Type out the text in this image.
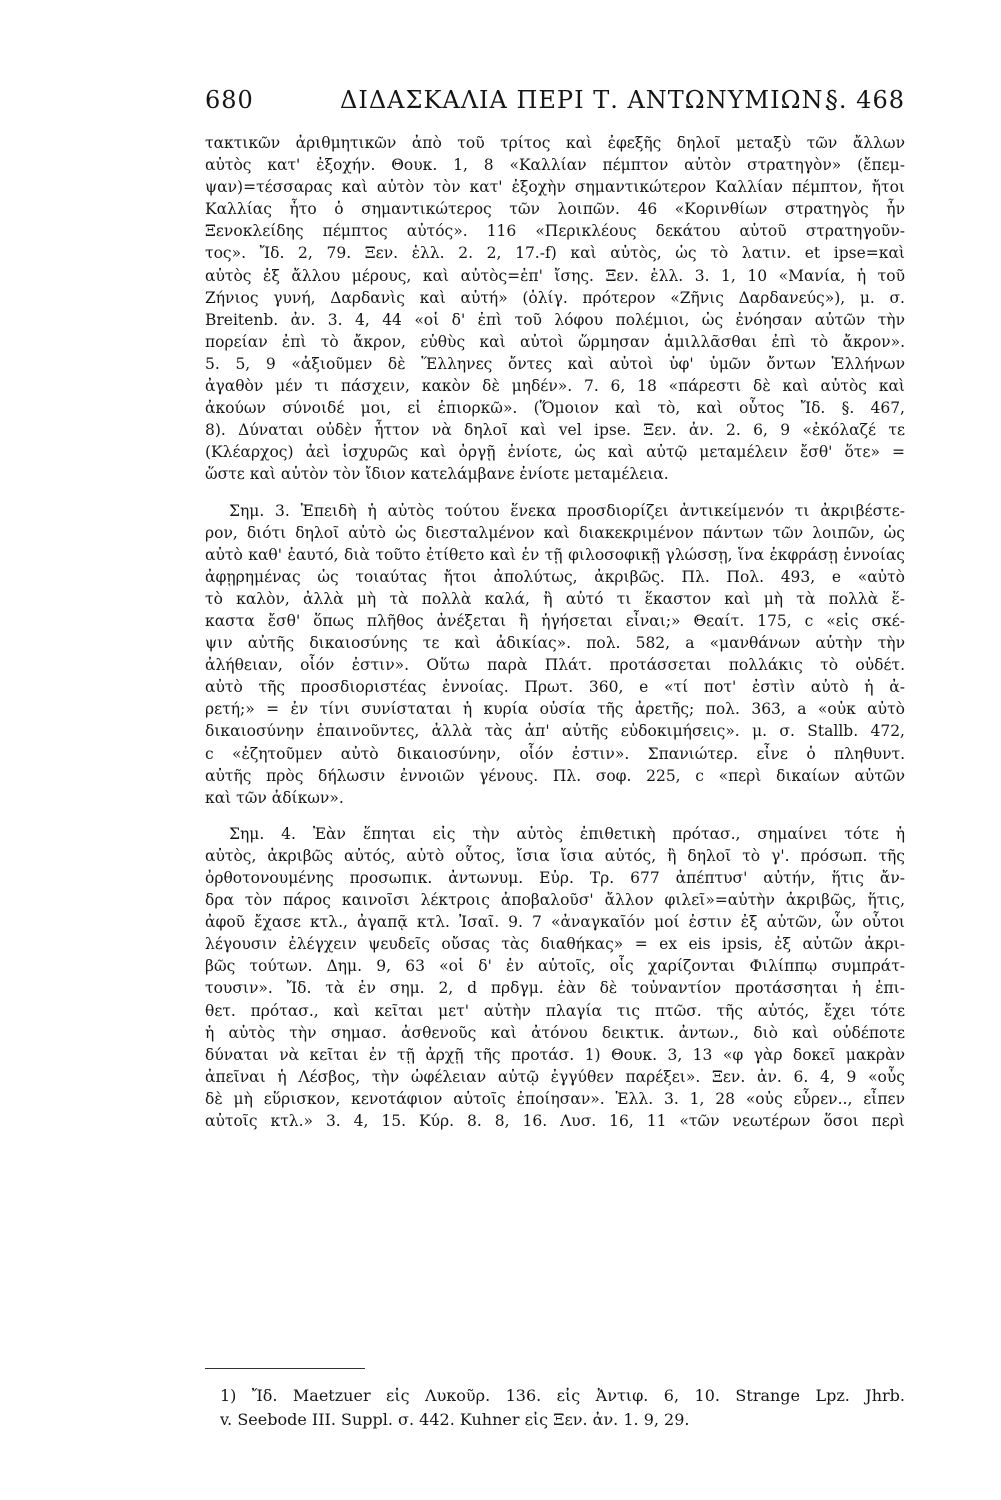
680	ΔΙΔΑΣΚΑΛΙΑ ΠΕΡΙ Τ. ΑΝΤΩΝΥΜΙΩΝ.
§. 468
τακτικῶν ἀριθμητικῶν ἀπὸ τοῦ τρίτος καὶ ἐφεξῆς δηλοῖ μεταξὺ τῶν ἄλλων
αὐτὸς κατ' ἐξοχήν. Θουκ. 1, 8 «Καλλίαν πέμπτον αὐτὸν στρατηγὸν» (ἔπεμ-
ψαν)=τέσσαρας καὶ αὐτὸν τὸν κατ' ἐξοχὴν σημαντικώτερον Καλλίαν πέμπτον, ἤτοι
Καλλίας ἦτο ὁ σημαντικώτερος τῶν λοιπῶν. 46 «Κορινθίων στρατηγὸς ἦν
Ξενοκλείδης πέμπτος αὐτός». 116 «Περικλέους δεκάτου αὐτοῦ στρατηγοῦν-
τος». Ἴδ. 2, 79. Ξεν. ἑλλ. 2. 2, 17.-f) καὶ αὐτὸς, ὡς τὸ λατιν. et ipse=καὶ
αὐτὸς ἐξ ἄλλου μέρους, καὶ αὐτὸς=ἐπ' ἴσης. Ξεν. ἑλλ. 3. 1, 10 «Μανία, ἡ τοῦ
Ζήνιος γυνή, Δαρδανὶς καὶ αὐτή» (ὀλίγ. πρότερον «Ζῆνις Δαρδανεύς»), μ. σ.
Breitenb. ἀν. 3. 4, 44 «οἱ δ' ἐπὶ τοῦ λόφου πολέμιοι, ὡς ἐνόησαν αὐτῶν τὴν
πορείαν ἐπὶ τὸ ἄκρον, εὐθὺς καὶ αὐτοὶ ὥρμησαν ἁμιλλᾶσθαι ἐπὶ τὸ ἄκρον».
5. 5, 9 «ἀξιοῦμεν δὲ Ἕλληνες ὄντες καὶ αὐτοὶ ὑφ' ὑμῶν ὄντων Ἑλλήνων
ἀγαθὸν μέν τι πάσχειν, κακὸν δὲ μηδέν». 7. 6, 18 «πάρεστι δὲ καὶ αὐτὸς καὶ
ἀκούων σύνοιδέ μοι, εἰ ἐπιορκῶ». (Ὅμοιον καὶ τὸ, καὶ οὗτος Ἴδ. §. 467,
8). Δύναται οὐδὲν ἧττον νὰ δηλοῖ καὶ vel ipse. Ξεν. ἀν. 2. 6, 9 «ἐκόλαζέ τε
(Κλέαρχος) ἀεὶ ἰσχυρῶς καὶ ὀργῇ ἐνίοτε, ὡς καὶ αὐτῷ μεταμέλειν ἔσθ' ὅτε» =
ὥστε καὶ αὐτὸν τὸν ἴδιον κατελάμβανε ἐνίοτε μεταμέλεια.
Σημ. 3. Ἐπειδὴ ἡ αὐτὸς τούτου ἕνεκα προσδιορίζει ἀντικείμενόν τι ἀκριβέστε-
ρον, διότι δηλοῖ αὐτὸ ὡς διεσταλμένον καὶ διακεκριμένον πάντων τῶν λοιπῶν, ὡς
αὐτὸ καθ' ἑαυτό, διὰ τοῦτο ἐτίθετο καὶ ἐν τῇ φιλοσοφικῇ γλώσσῃ, ἵνα ἐκφράσῃ ἐννοίας
ἀφῃρημένας ὡς τοιαύτας ἤτοι ἀπολύτως, ἀκριβῶς. Πλ. Πολ. 493, e «αὐτὸ
τὸ καλὸν, ἀλλὰ μὴ τὰ πολλὰ καλά, ἢ αὐτό τι ἕκαστον καὶ μὴ τὰ πολλὰ ἕ-
καστα ἔσθ' ὅπως πλῆθος ἀνέξεται ἢ ἡγήσεται εἶναι;» Θεαίτ. 175, c «εἰς σκέ-
ψιν αὐτῆς δικαιοσύνης τε καὶ ἀδικίας». πολ. 582, a «μανθάνων αὐτὴν τὴν
ἀλήθειαν, οἷόν ἐστιν». Οὕτω παρὰ Πλάτ. προτάσσεται πολλάκις τὸ οὐδέτ.
αὐτὸ τῆς προσδιοριστέας ἐννοίας. Πρωτ. 360, e «τί ποτ' ἐστὶν αὐτὸ ἡ ἀ-
ρετή;» = ἐν τίνι συνίσταται ἡ κυρία οὐσία τῆς ἀρετῆς; πολ. 363, a «οὐκ αὐτὸ
δικαιοσύνην ἐπαινοῦντες, ἀλλὰ τὰς ἀπ' αὐτῆς εὐδοκιμήσεις». μ. σ. Stallb. 472,
c «ἐζητοῦμεν αὐτὸ δικαιοσύνην, οἷόν ἐστιν». Σπανιώτερ. εἶνε ὁ πληθυντ.
αὐτῆς πρὸς δήλωσιν ἐννοιῶν γένους. Πλ. σοφ. 225, c «περὶ δικαίων αὐτῶν
καὶ τῶν ἀδίκων».
Σημ. 4. Ἐὰν ἕπηται εἰς τὴν αὐτὸς ἐπιθετικὴ πρότασ., σημαίνει τότε ἡ
αὐτὸς, ἀκριβῶς αὐτός, αὐτὸ οὗτος, ἴσια ἴσια αὐτός, ἢ δηλοῖ τὸ γ'. πρόσωπ. τῆς
ὀρθοτονουμένης προσωπικ. ἀντωνυμ. Εὐρ. Τρ. 677 ἀπέπτυσ' αὐτήν, ἥτις ἄν-
δρα τὸν πάρος καινοῖσι λέκτροις ἀποβαλοῦσ' ἄλλον φιλεῖ»=αὐτὴν ἀκριβῶς, ἥτις,
ἀφοῦ ἔχασε κτλ., ἀγαπᾷ κτλ. Ἰσαῖ. 9. 7 «ἀναγκαῖόν μοί ἐστιν ἐξ αὐτῶν, ὧν οὗτοι
λέγουσιν ἐλέγχειν ψευδεῖς οὔσας τὰς διαθήκας» = ex eis ipsis, ἐξ αὐτῶν ἀκρι-
βῶς τούτων. Δημ. 9, 63 «οἱ δ' ἐν αὐτοῖς, οἷς χαρίζονται Φιλίππῳ συμπράτ-
τουσιν». Ἴδ. τὰ ἐν σημ. 2, d πρδγμ. ἐὰν δὲ τοὐναντίον προτάσσηται ἡ ἐπι-
θετ. πρότασ., καὶ κεῖται μετ' αὐτὴν πλαγία τις πτῶσ. τῆς αὐτός, ἔχει τότε
ἡ αὐτὸς τὴν σημασ. ἀσθενοῦς καὶ ἀτόνου δεικτικ. ἀντων., διὸ καὶ οὐδέποτε
δύναται νὰ κεῖται ἐν τῇ ἀρχῇ τῆς προτάσ. 1) Θουκ. 3, 13 «φ γὰρ δοκεῖ μακρὰν
ἀπεῖναι ἡ Λέσβος, τὴν ὠφέλειαν αὐτῷ ἐγγύθεν παρέξει». Ξεν. ἀν. 6. 4, 9 «οὖς
δὲ μὴ εὕρισκον, κενοτάφιον αὐτοῖς ἐποίησαν». Ἑλλ. 3. 1, 28 «οὐς εὗρεν.., εἶπεν
αὐτοῖς κτλ.» 3. 4, 15. Κύρ. 8. 8, 16. Λυσ. 16, 11 «τῶν νεωτέρων ὅσοι περὶ
1) Ἴδ. Maetzuer εἰς Λυκοῦρ. 136. εἰς Ἀντιφ. 6, 10. Strange Lpz. Jhrb.
v. Seebode III. Suppl. σ. 442. Kuhner εἰς Ξεν. ἀν. 1. 9, 29.
